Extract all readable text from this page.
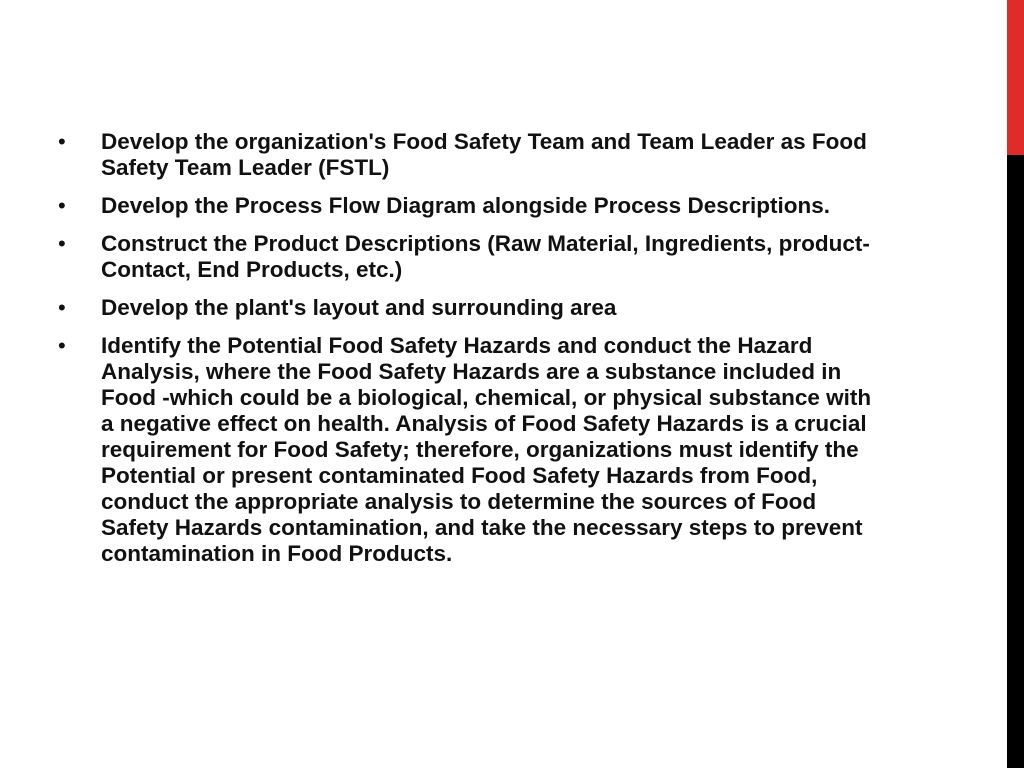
•	Develop the organization's Food Safety Team and Team Leader as Food Safety Team Leader (FSTL)
•	Develop the Process Flow Diagram alongside Process Descriptions.
•	Construct the Product Descriptions (Raw Material, Ingredients, product-Contact, End Products, etc.)
•	Develop the plant's layout and surrounding area
•	Identify the Potential Food Safety Hazards and conduct the Hazard Analysis, where the Food Safety Hazards are a substance included in Food -which could be a biological, chemical, or physical substance with a negative effect on health. Analysis of Food Safety Hazards is a crucial requirement for Food Safety; therefore, organizations must identify the Potential or present contaminated Food Safety Hazards from Food, conduct the appropriate analysis to determine the sources of Food Safety Hazards contamination, and take the necessary steps to prevent contamination in Food Products.
